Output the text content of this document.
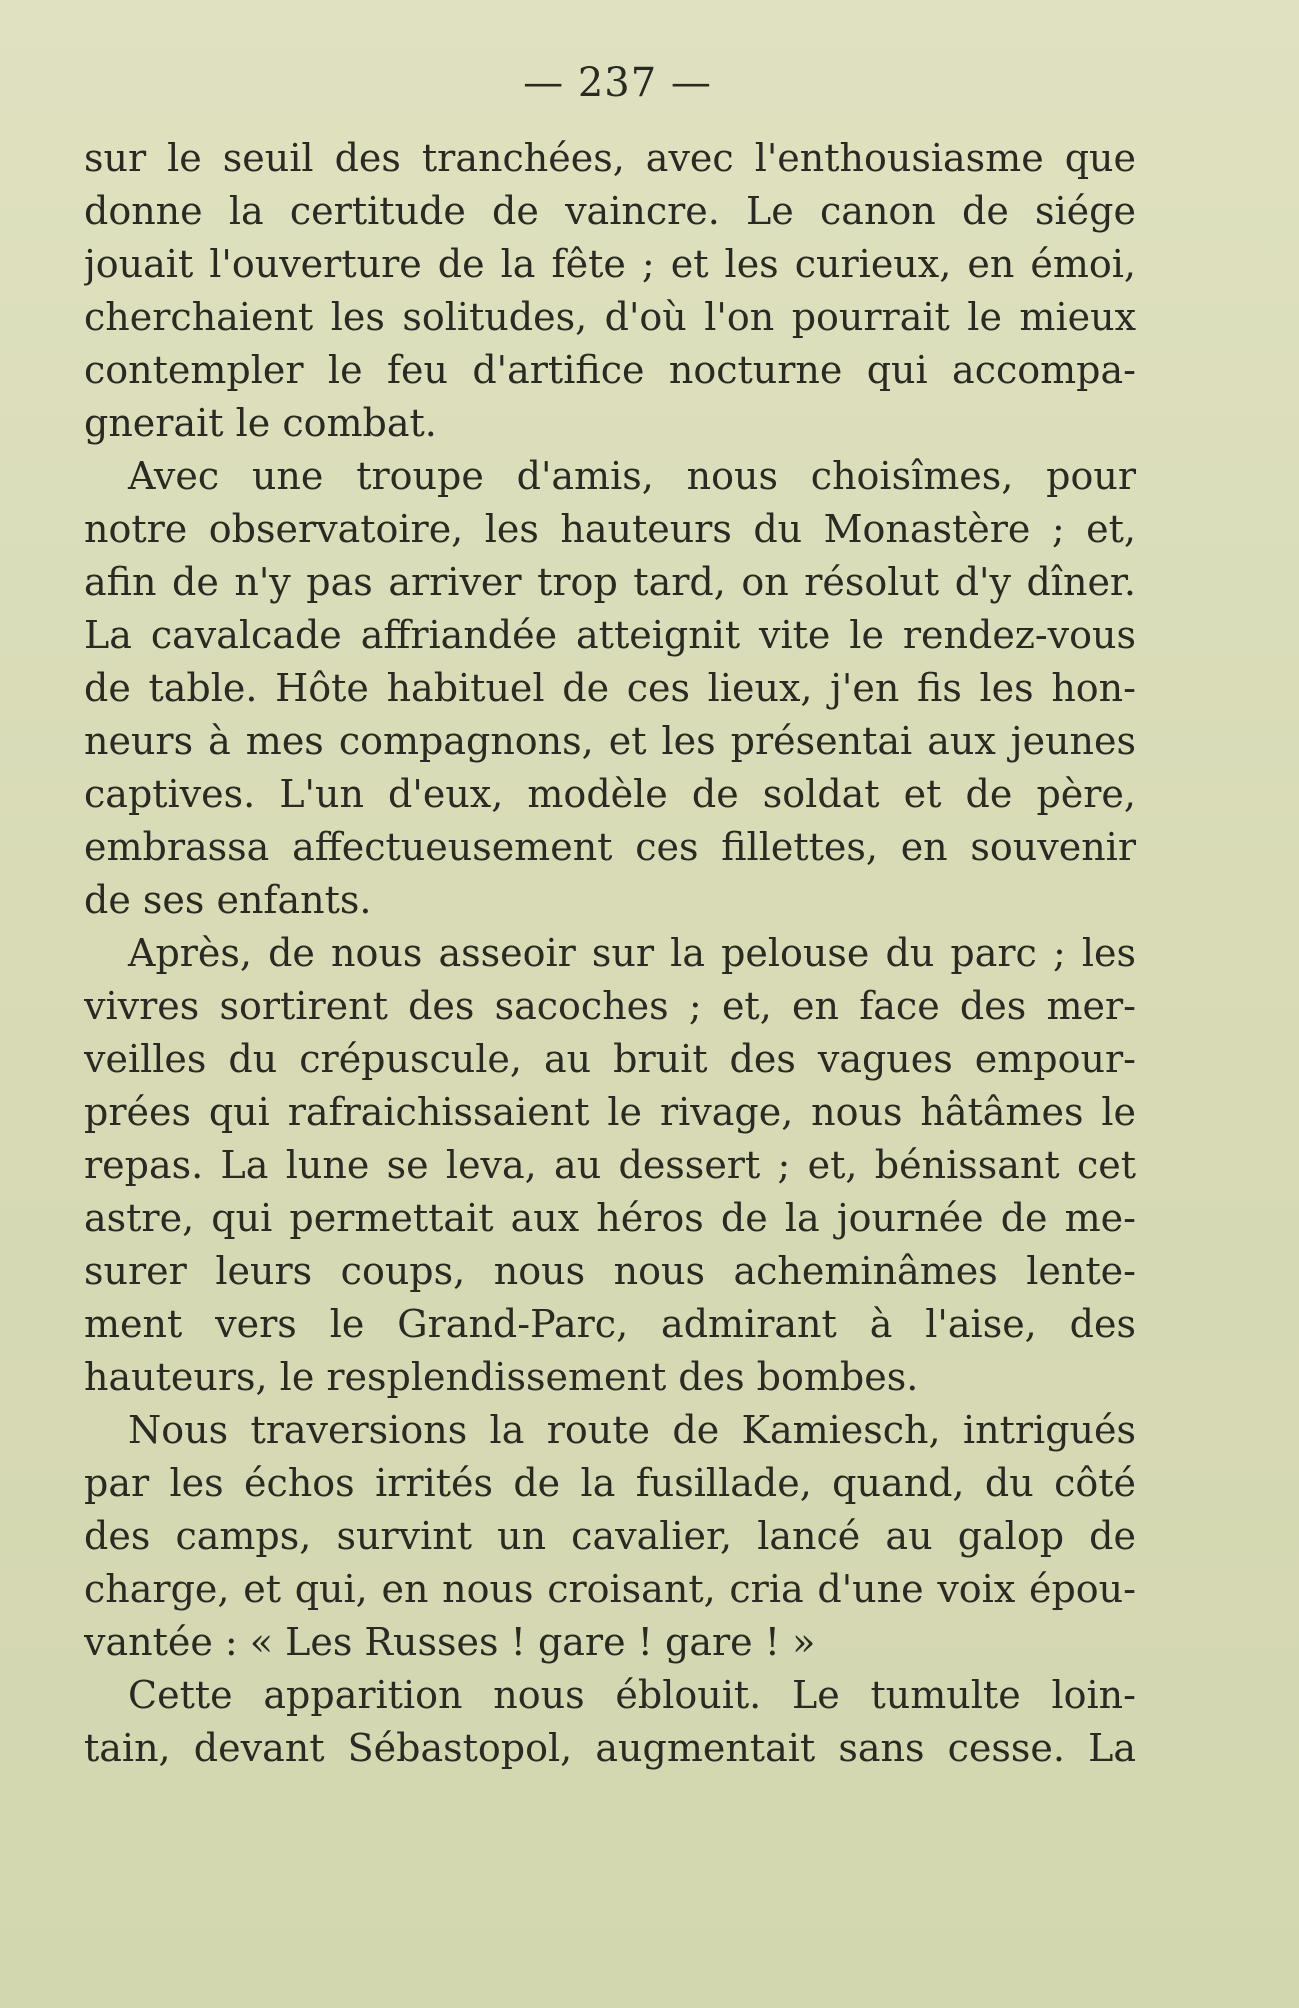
— 237 —
sur le seuil des tranchées, avec l'enthousiasme que
donne la certitude de vaincre. Le canon de siége
jouait l'ouverture de la fête ; et les curieux, en émoi,
cherchaient les solitudes, d'où l'on pourrait le mieux
contempler le feu d'artifice nocturne qui accompa-
gnerait le combat.
Avec une troupe d'amis, nous choisîmes, pour
notre observatoire, les hauteurs du Monastère ; et,
afin de n'y pas arriver trop tard, on résolut d'y dîner.
La cavalcade affriandée atteignit vite le rendez-vous
de table. Hôte habituel de ces lieux, j'en fis les hon-
neurs à mes compagnons, et les présentai aux jeunes
captives. L'un d'eux, modèle de soldat et de père,
embrassa affectueusement ces fillettes, en souvenir
de ses enfants.
Après, de nous asseoir sur la pelouse du parc ; les
vivres sortirent des sacoches ; et, en face des mer-
veilles du crépuscule, au bruit des vagues empour-
prées qui rafraichissaient le rivage, nous hâtâmes le
repas. La lune se leva, au dessert ; et, bénissant cet
astre, qui permettait aux héros de la journée de me-
surer leurs coups, nous nous acheminâmes lente-
ment vers le Grand-Parc, admirant à l'aise, des
hauteurs, le resplendissement des bombes.
Nous traversions la route de Kamiesch, intrigués
par les échos irrités de la fusillade, quand, du côté
des camps, survint un cavalier, lancé au galop de
charge, et qui, en nous croisant, cria d'une voix épou-
vantée : « Les Russes ! gare ! gare ! »
Cette apparition nous éblouit. Le tumulte loin-
tain, devant Sébastopol, augmentait sans cesse. La
